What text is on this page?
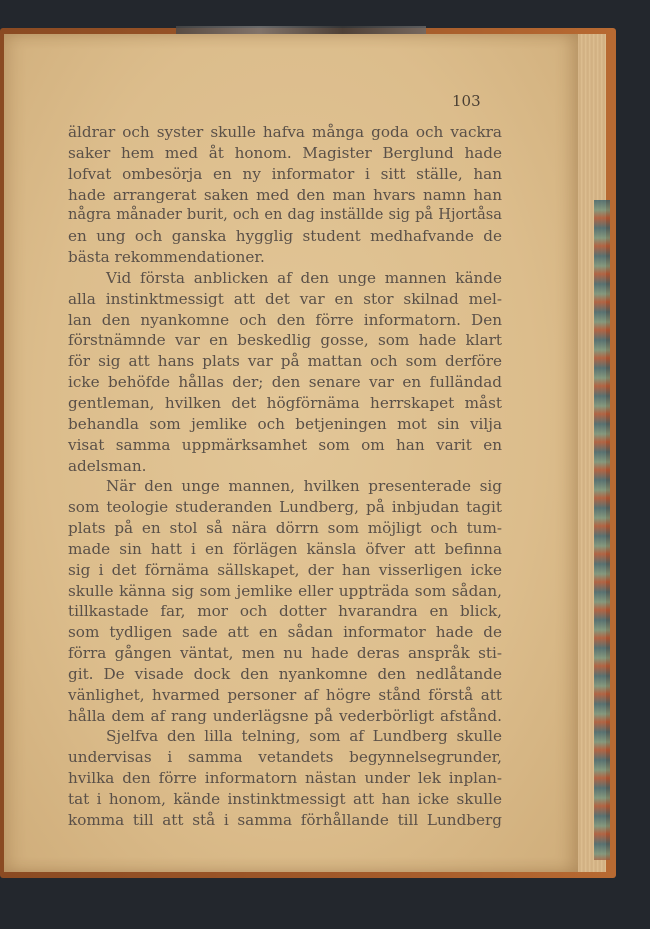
103
äldrar och syster skulle hafva många goda och vackra
saker hem med åt honom. Magister Berglund hade
lofvat ombesörja en ny informator i sitt ställe, han
hade arrangerat saken med den man hvars namn han
några månader burit, och en dag inställde sig på Hjortåsa
en ung och ganska hygglig student medhafvande de
bästa rekommendationer.
Vid första anblicken af den unge mannen kände
alla instinktmessigt att det var en stor skilnad mel-
lan den nyankomne och den förre informatorn. Den
förstnämnde var en beskedlig gosse, som hade klart
för sig att hans plats var på mattan och som derföre
icke behöfde hållas der; den senare var en fulländad
gentleman, hvilken det högförnäma herrskapet måst
behandla som jemlike och betjeningen mot sin vilja
visat samma uppmärksamhet som om han varit en
adelsman.
När den unge mannen, hvilken presenterade sig
som teologie studeranden Lundberg, på inbjudan tagit
plats på en stol så nära dörrn som möjligt och tum-
made sin hatt i en förlägen känsla öfver att befinna
sig i det förnäma sällskapet, der han visserligen icke
skulle känna sig som jemlike eller uppträda som sådan,
tillkastade far, mor och dotter hvarandra en blick,
som tydligen sade att en sådan informator hade de
förra gången väntat, men nu hade deras anspråk sti-
git. De visade dock den nyankomne den nedlåtande
vänlighet, hvarmed personer af högre stånd förstå att
hålla dem af rang underlägsne på vederbörligt afstånd.
Sjelfva den lilla telning, som af Lundberg skulle
undervisas i samma vetandets begynnelsegrunder,
hvilka den förre informatorn nästan under lek inplan-
tat i honom, kände instinktmessigt att han icke skulle
komma till att stå i samma förhållande till Lundberg
